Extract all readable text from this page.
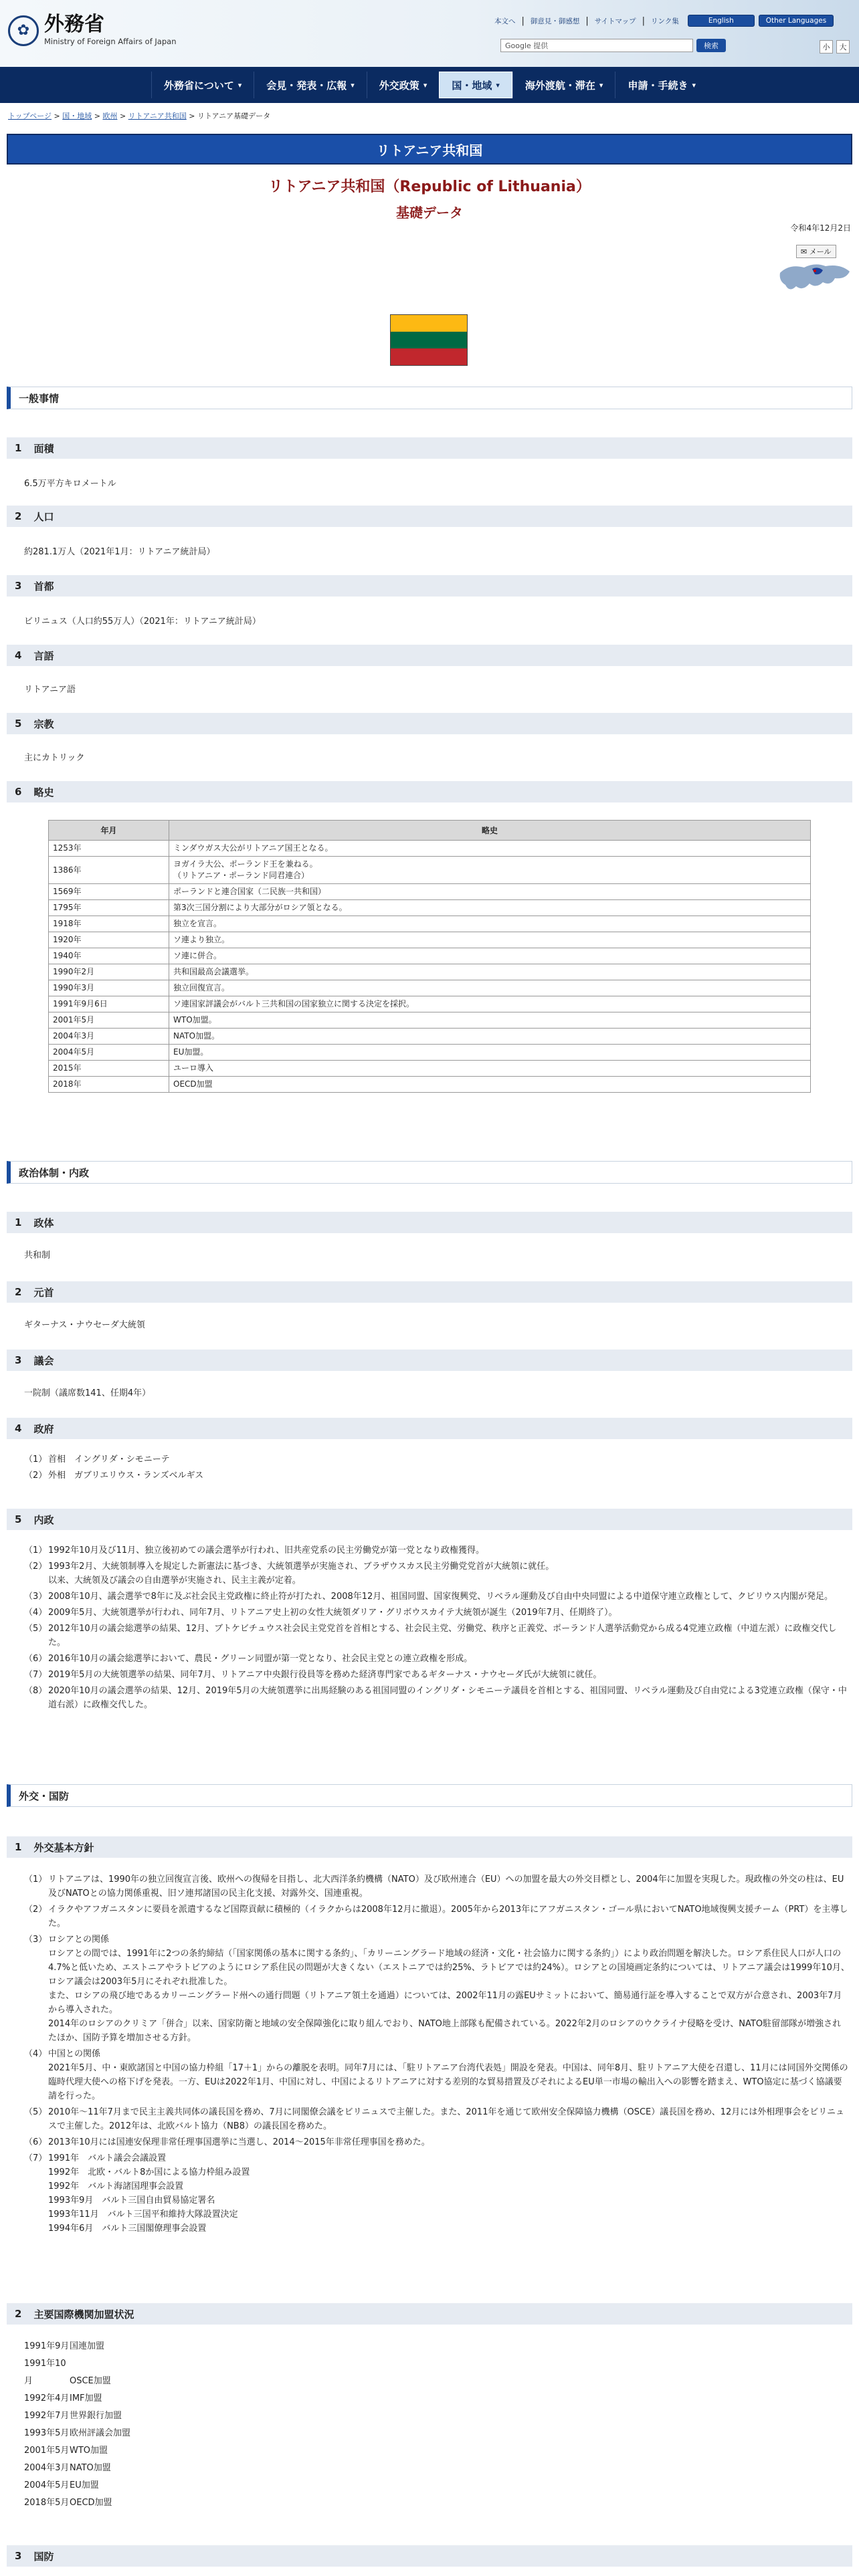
✿ 外務省
Ministry of Foreign Affairs of Japan
本文へ | 御意見・御感想 | サイトマップ | リンク集	English	Other Languages
Google 提供	検索	小	大
外務省について ▾ 会見・発表・広報 ▾ 外交政策 ▾ 国・地域 ▾	海外渡航・滞在 ▾ 申請・手続き ▾
トップページ > 国・地域 > 欧州 > リトアニア共和国 > リトアニア基礎データ
リトアニア共和国
リトアニア共和国（Republic of Lithuania）
基礎データ
令和4年12月2日
✉ メール
一般事情
1 面積
6.5万平方キロメートル
2 人口
約281.1万人（2021年1月：リトアニア統計局）
3 首都
ビリニュス（人口約55万人）（2021年：リトアニア統計局）
4 言語
リトアニア語
5 宗教
主にカトリック
6 略史
年月	略史
1253年	ミンダウガス大公がリトアニア国王となる。
1386年	ヨガイラ大公、ポーランド王を兼ねる。
（リトアニア・ポーランド同君連合）
1569年	ポーランドと連合国家（二民族一共和国）
1795年	第3次三国分割により大部分がロシア領となる。
1918年	独立を宣言。
1920年	ソ連より独立。
1940年	ソ連に併合。
1990年2月	共和国最高会議選挙。
1990年3月	独立回復宣言。
1991年9月6日	ソ連国家評議会がバルト三共和国の国家独立に関する決定を採択。
2001年5月	WTO加盟。
2004年3月	NATO加盟。
2004年5月	EU加盟。
2015年	ユーロ導入
2018年	OECD加盟
政治体制・内政
1 政体
共和制
2 元首
ギターナス・ナウセーダ大統領
3 議会
一院制（議席数141、任期4年）
4 政府
（1） 首相　イングリダ・シモニーテ
（2） 外相　ガブリエリウス・ランズベルギス
5 内政
（1） 1992年10月及び11月、独立後初めての議会選挙が行われ、旧共産党系の民主労働党が第一党となり政権獲得。
（2） 1993年2月、大統領制導入を規定した新憲法に基づき、大統領選挙が実施され、ブラザウスカス民主労働党党首が大統領に就任。
以来、大統領及び議会の自由選挙が実施され、民主主義が定着。
（3） 2008年10月、議会選挙で8年に及ぶ社会民主党政権に終止符が打たれ、2008年12月、祖国同盟、国家復興党、リベラル運動及び自由中央同盟による中道保守連立政権として、クビリウス内閣が発足。
（4） 2009年5月、大統領選挙が行われ、同年7月、リトアニア史上初の女性大統領ダリア・グリボウスカイテ大統領が誕生（2019年7月、任期終了）。
（5） 2012年10月の議会総選挙の結果、12月、ブトケビチュウス社会民主党党首を首相とする、社会民主党、労働党、秩序と正義党、ポーランド人選挙活動党から成る4党連立政権（中道左派）に政権交代した。
（6） 2016年10月の議会総選挙において、農民・グリーン同盟が第一党となり、社会民主党との連立政権を形成。
（7） 2019年5月の大統領選挙の結果、同年7月、リトアニア中央銀行役員等を務めた経済専門家であるギターナス・ナウセーダ氏が大統領に就任。
（8） 2020年10月の議会選挙の結果、12月、2019年5月の大統領選挙に出馬経験のある祖国同盟のイングリダ・シモニーテ議員を首相とする、祖国同盟、リベラル運動及び自由党による3党連立政権（保守・中道右派）に政権交代した。
外交・国防
1 外交基本方針
（1） リトアニアは、1990年の独立回復宣言後、欧州への復帰を目指し、北大西洋条約機構（NATO）及び欧州連合（EU）への加盟を最大の外交目標とし、2004年に加盟を実現した。現政権の外交の柱は、EU及びNATOとの協力関係重視、旧ソ連邦諸国の民主化支援、対露外交、国連重視。
（2） イラクやアフガニスタンに要員を派遣するなど国際貢献に積極的（イラクからは2008年12月に撤退）。2005年から2013年にアフガニスタン・ゴール県においてNATO地域復興支援チーム（PRT）を主導した。
（3） ロシアとの関係
ロシアとの間では、1991年に2つの条約締結（「国家関係の基本に関する条約」、「カリーニングラード地域の経済・文化・社会協力に関する条約」）により政治問題を解決した。ロシア系住民人口が人口の4.7%と低いため、エストニアやラトビアのようにロシア系住民の問題が大きくない（エストニアでは約25%、ラトビアでは約24%）。ロシアとの国境画定条約については、リトアニア議会は1999年10月、ロシア議会は2003年5月にそれぞれ批准した。
また、ロシアの飛び地であるカリーニングラード州への通行問題（リトアニア領土を通過）については、2002年11月の露EUサミットにおいて、簡易通行証を導入することで双方が合意され、2003年7月から導入された。
2014年のロシアのクリミア「併合」以来、国家防衛と地域の安全保障強化に取り組んでおり、NATO地上部隊も配備されている。2022年2月のロシアのウクライナ侵略を受け、NATO駐留部隊が増強されたほか、国防予算を増加させる方針。
（4） 中国との関係
2021年5月、中・東欧諸国と中国の協力枠組「17＋1」からの離脱を表明。同年7月には、「駐リトアニア台湾代表処」開設を発表。中国は、同年8月、駐リトアニア大使を召還し、11月には同国外交関係の臨時代理大使への格下げを発表。一方、EUは2022年1月、中国に対し、中国によるリトアニアに対する差別的な貿易措置及びそれによるEU単一市場の輸出入への影響を踏まえ、WTO協定に基づく協議要請を行った。
（5） 2010年〜11年7月まで民主主義共同体の議長国を務め、7月に同閣僚会議をビリニュスで主催した。また、2011年を通じて欧州安全保障協力機構（OSCE）議長国を務め、12月には外相理事会をビリニュスで主催した。2012年は、北欧バルト協力（NB8）の議長国を務めた。
（6） 2013年10月には国連安保理非常任理事国選挙に当選し、2014〜2015年非常任理事国を務めた。
（7） 1991年　バルト議会会議設置
1992年　北欧・バルト8か国による協力枠組み設置
1992年　バルト海諸国理事会設置
1993年9月　バルト三国自由貿易協定署名
1993年11月　バルト三国平和維持大隊設置決定
1994年6月　バルト三国閣僚理事会設置
2 主要国際機関加盟状況
1991年9月国連加盟
1991年10月	OSCE加盟
1992年4月IMF加盟
1992年7月世界銀行加盟
1993年5月欧州評議会加盟
2001年5月WTO加盟
2004年3月NATO加盟
2004年5月EU加盟
2018年5月OECD加盟
3 国防
